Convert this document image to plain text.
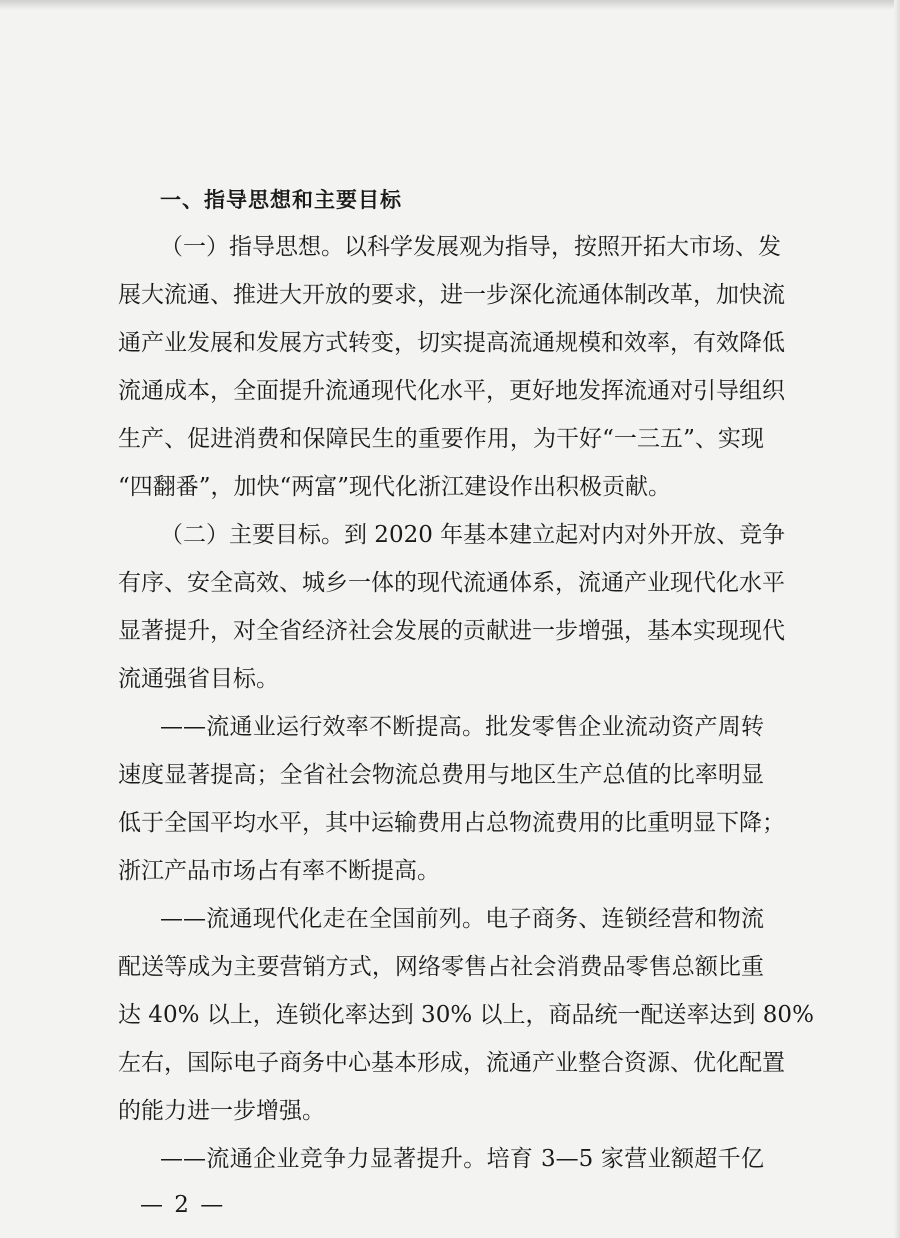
一、指导思想和主要目标
（一）指导思想。以科学发展观为指导，按照开拓大市场、发
展大流通、推进大开放的要求，进一步深化流通体制改革，加快流
通产业发展和发展方式转变，切实提高流通规模和效率，有效降低
流通成本，全面提升流通现代化水平，更好地发挥流通对引导组织
生产、促进消费和保障民生的重要作用，为干好“一三五”、实现
“四翻番”，加快“两富”现代化浙江建设作出积极贡献。
（二）主要目标。到 2020 年基本建立起对内对外开放、竞争
有序、安全高效、城乡一体的现代流通体系，流通产业现代化水平
显著提升，对全省经济社会发展的贡献进一步增强，基本实现现代
流通强省目标。
——流通业运行效率不断提高。批发零售企业流动资产周转
速度显著提高；全省社会物流总费用与地区生产总值的比率明显
低于全国平均水平，其中运输费用占总物流费用的比重明显下降；
浙江产品市场占有率不断提高。
——流通现代化走在全国前列。电子商务、连锁经营和物流
配送等成为主要营销方式，网络零售占社会消费品零售总额比重
达 40% 以上，连锁化率达到 30% 以上，商品统一配送率达到 80%
左右，国际电子商务中心基本形成，流通产业整合资源、优化配置
的能力进一步增强。
——流通企业竞争力显著提升。培育 3—5 家营业额超千亿
— 2 —
